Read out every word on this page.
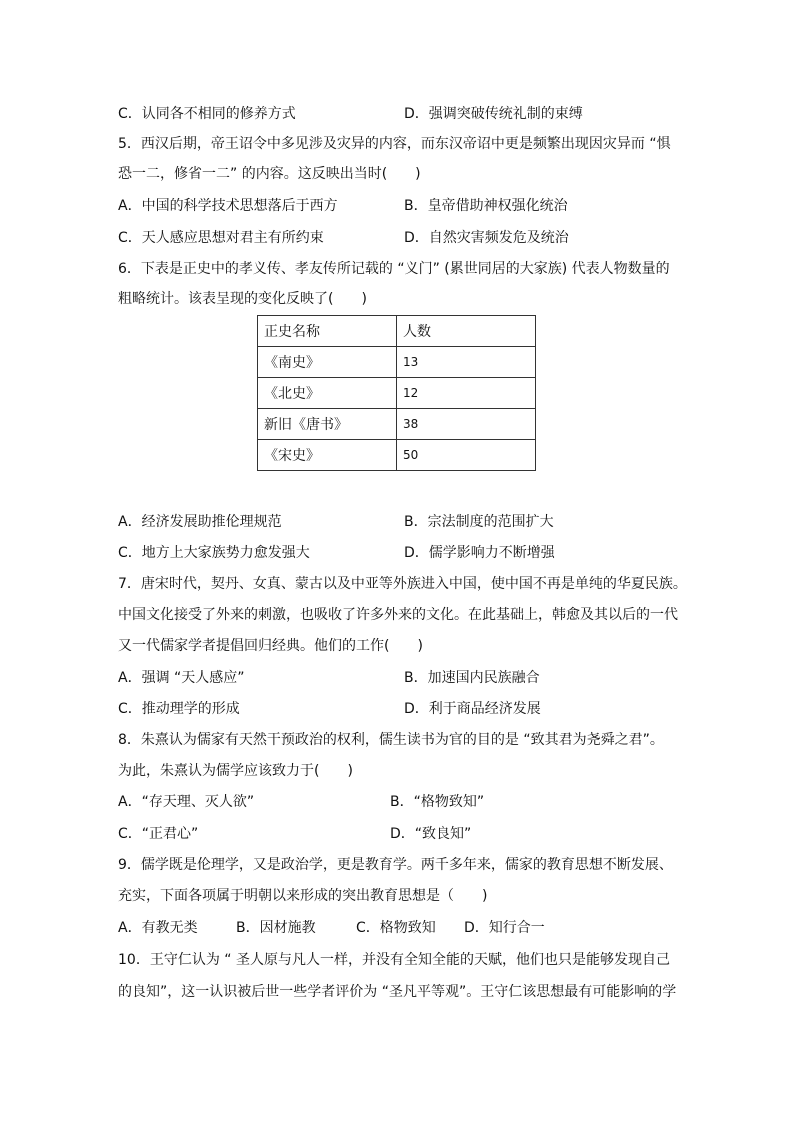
C．认同各不相同的修养方式	D．强调突破传统礼制的束缚
5．西汉后期，帝王诏令中多见涉及灾异的内容，而东汉帝诏中更是频繁出现因灾异而 “惧
恐一二，修省一二” 的内容。这反映出当时(　　)
A．中国的科学技术思想落后于西方	B．皇帝借助神权强化统治
C．天人感应思想对君主有所约束	D．自然灾害频发危及统治
6．下表是正史中的孝义传、孝友传所记载的 “义门” (累世同居的大家族) 代表人物数量的
粗略统计。该表呈现的变化反映了(　　)
正史名称	人数
《南史》	13
《北史》	12
新旧《唐书》	38
《宋史》	50
A．经济发展助推伦理规范	B．宗法制度的范围扩大
C．地方上大家族势力愈发强大	D．儒学影响力不断增强
7．唐宋时代，契丹、女真、蒙古以及中亚等外族进入中国，使中国不再是单纯的华夏民族。
中国文化接受了外来的刺激，也吸收了许多外来的文化。在此基础上，韩愈及其以后的一代
又一代儒家学者提倡回归经典。他们的工作(　　)
A．强调 “天人感应”	B．加速国内民族融合
C．推动理学的形成	D．利于商品经济发展
8．朱熹认为儒家有天然干预政治的权利，儒生读书为官的目的是 “致其君为尧舜之君”。
为此，朱熹认为儒学应该致力于(　　)
A．“存天理、灭人欲”	B．“格物致知”
C．“正君心”	D．“致良知”
9．儒学既是伦理学，又是政治学，更是教育学。两千多年来，儒家的教育思想不断发展、
充实，下面各项属于明朝以来形成的突出教育思想是（　　)
A．有教无类	B．因材施教	C．格物致知 D．知行合一
10．王守仁认为 “ 圣人原与凡人一样，并没有全知全能的天赋，他们也只是能够发现自己
的良知”，这一认识被后世一些学者评价为 “圣凡平等观”。王守仁该思想最有可能影响的学
